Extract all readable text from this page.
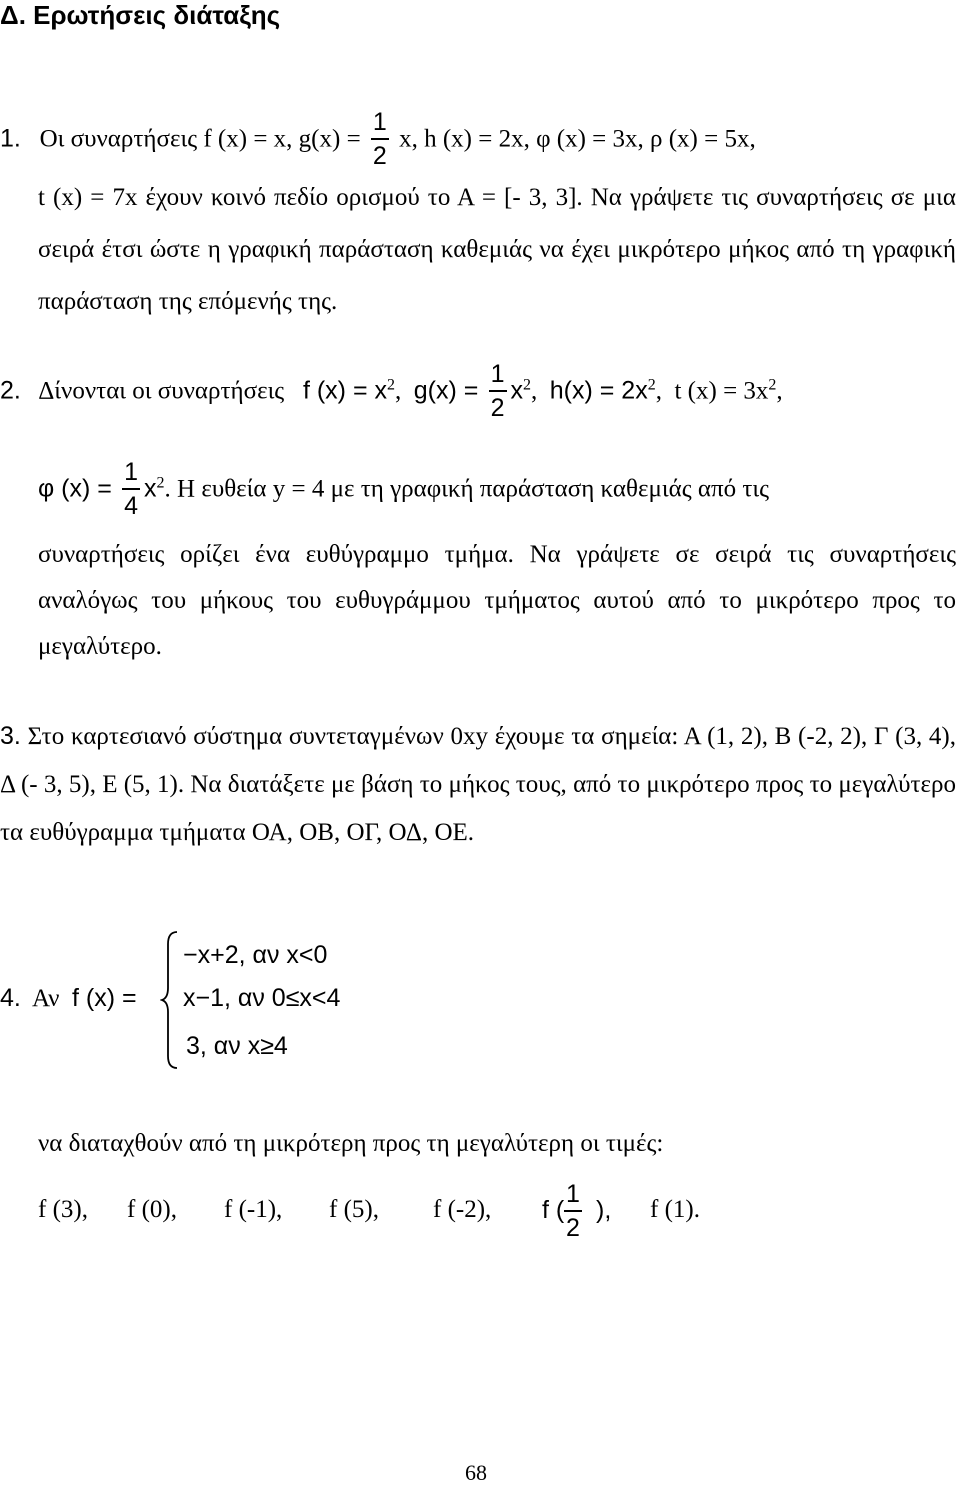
Δ. Ερωτήσεις διάταξης
1. Οι συναρτήσεις f (x) = x, $g(x) = \frac{1}{2} x$, h (x) = 2x, φ (x) = 3x, ρ (x) = 5x,
t (x) = 7x έχουν κοινό πεδίο ορισμού το Α = [- 3, 3]. Να γράψετε τις συναρτήσεις σε μια σειρά έτσι ώστε η γραφική παράσταση καθεμιάς να έχει μικρότερο μήκος από τη γραφική παράσταση της επόμενής της.
2. Δίνονται οι συναρτήσεις f $(x) = x^2$, $g(x) = \frac{1}{2} x^2$, $h(x) = 2x^2$, t $(x) = 3x^2$,
φ $(x) = \frac{1}{4} x^2$. Η ευθεία y = 4 με τη γραφική παράσταση καθεμιάς από τις
συναρτήσεις ορίζει ένα ευθύγραμμο τμήμα. Να γράψετε σε σειρά τις συναρτήσεις αναλόγως του μήκους του ευθυγράμμου τμήματος αυτού από το μικρότερο προς το μεγαλύτερο.
3. Στο καρτεσιανό σύστημα συντεταγμένων 0xy έχουμε τα σημεία: Α (1, 2), Β (-2, 2), Γ (3, 4), Δ (- 3, 5), Ε (5, 1). Να διατάξετε με βάση το μήκος τους, από το μικρότερο προς το μεγαλύτερο τα ευθύγραμμα τμήματα ΟΑ, ΟΒ, ΟΓ, ΟΔ, ΟΕ.
4. Αν f (x) =
−x+2, αν x<0
x−1, αν 0≤x<4
3, αν x≥4
να διαταχθούν από τη μικρότερη προς τη μεγαλύτερη οι τιμές:
f (3), f (0), f (-1), f (5), f (-2), f ( $\frac{1}{2}$ ), f (1).
68
